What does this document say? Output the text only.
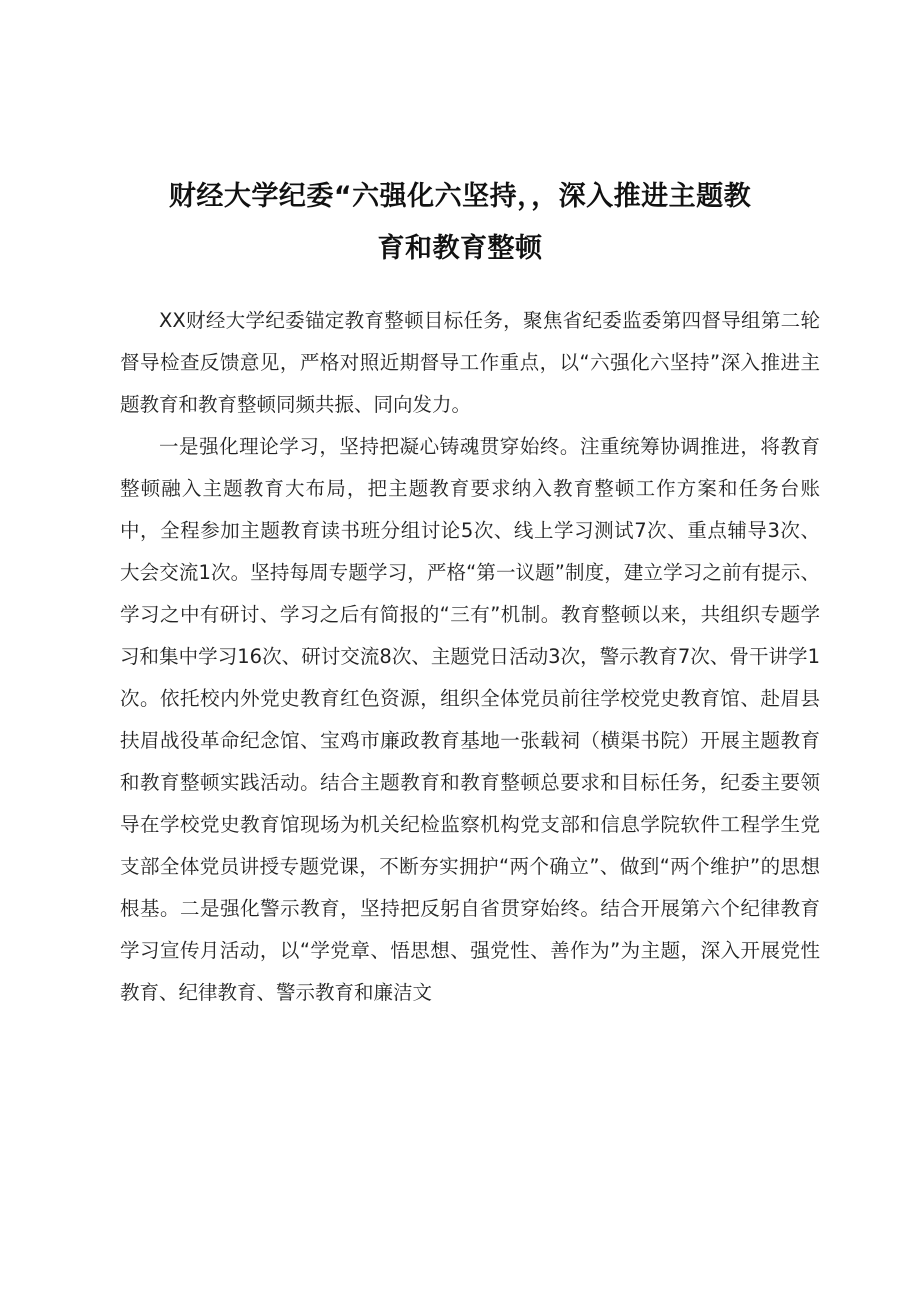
财经大学纪委“六强化六坚持，，深入推进主题教
育和教育整顿

XX财经大学纪委锚定教育整顿目标任务，聚焦省纪委监委第四督导组第二轮督导检查反馈意见，严格对照近期督导工作重点，以“六强化六坚持”深入推进主题教育和教育整顿同频共振、同向发力。

一是强化理论学习，坚持把凝心铸魂贯穿始终。注重统筹协调推进，将教育整顿融入主题教育大布局，把主题教育要求纳入教育整顿工作方案和任务台账中，全程参加主题教育读书班分组讨论5次、线上学习测试7次、重点辅导3次、大会交流1次。坚持每周专题学习，严格“第一议题”制度，建立学习之前有提示、学习之中有研讨、学习之后有简报的“三有”机制。教育整顿以来，共组织专题学习和集中学习16次、研讨交流8次、主题党日活动3次，警示教育7次、骨干讲学1次。依托校内外党史教育红色资源，组织全体党员前往学校党史教育馆、赴眉县扶眉战役革命纪念馆、宝鸡市廉政教育基地一张载祠（横渠书院）开展主题教育和教育整顿实践活动。结合主题教育和教育整顿总要求和目标任务，纪委主要领导在学校党史教育馆现场为机关纪检监察机构党支部和信息学院软件工程学生党支部全体党员讲授专题党课，不断夯实拥护“两个确立”、做到“两个维护”的思想根基。二是强化警示教育，坚持把反躬自省贯穿始终。结合开展第六个纪律教育学习宣传月活动，以“学党章、悟思想、强党性、善作为”为主题，深入开展党性教育、纪律教育、警示教育和廉洁文
